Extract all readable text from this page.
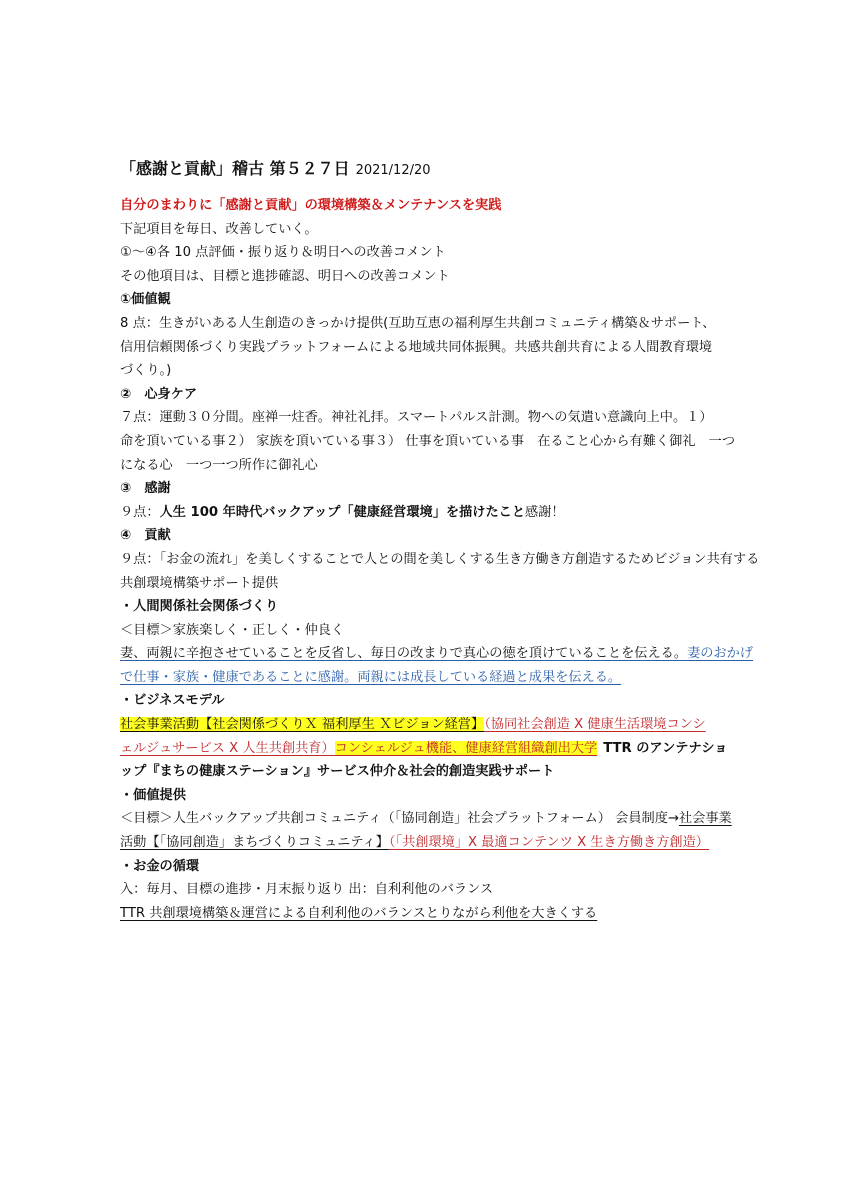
「感謝と貢献」稽古 第５２７日 2021/12/20
自分のまわりに「感謝と貢献」の環境構築＆メンテナンスを実践
下記項目を毎日、改善していく。
①～④各 10 点評価・振り返り＆明日への改善コメント
その他項目は、目標と進捗確認、明日への改善コメント
①価値観
8 点：生きがいある人生創造のきっかけ提供(互助互恵の福利厚生共創コミュニティ構築＆サポート、
信用信頼関係づくり実践プラットフォームによる地域共同体振興。共感共創共育による人間教育環境
づくり。)
②　心身ケア
７点：運動３０分間。座禅一炷香。神社礼拝。スマートパルス計測。物への気遣い意識向上中。１）
命を頂いている事２） 家族を頂いている事３） 仕事を頂いている事　在ること心から有難く御礼　一つ
になる心　一つ一つ所作に御礼心
③　感謝
９点：人生 100 年時代バックアップ「健康経営環境」を描けたこと感謝！
④　貢献
９点：「お金の流れ」を美しくすることで人との間を美しくする生き方働き方創造するためビジョン共有する
共創環境構築サポート提供
・人間関係社会関係づくり
＜目標＞家族楽しく・正しく・仲良く
妻、両親に辛抱させていることを反省し、毎日の改まりで真心の徳を頂けていることを伝える。妻のおかげ
で仕事・家族・健康であることに感謝。両親には成長している経過と成果を伝える。
・ビジネスモデル
社会事業活動【社会関係づくりＸ 福利厚生 Ｘビジョン経営】（協同社会創造 X 健康生活環境コンシ
ェルジュサービス X 人生共創共育）コンシェルジュ機能、健康経営組織創出大学 TTR のアンテナショ
ップ『まちの健康ステーション』サービス仲介＆社会的創造実践サポート
・価値提供
＜目標＞人生バックアップ共創コミュニティ（「協同創造」社会プラットフォーム） 会員制度→社会事業
活動【「協同創造」まちづくりコミュニティ】（「共創環境」X 最適コンテンツ X 生き方働き方創造）
・お金の循環
入：毎月、目標の進捗・月末振り返り 出：自利利他のバランス
TTR 共創環境構築＆運営による自利利他のバランスとりながら利他を大きくする
